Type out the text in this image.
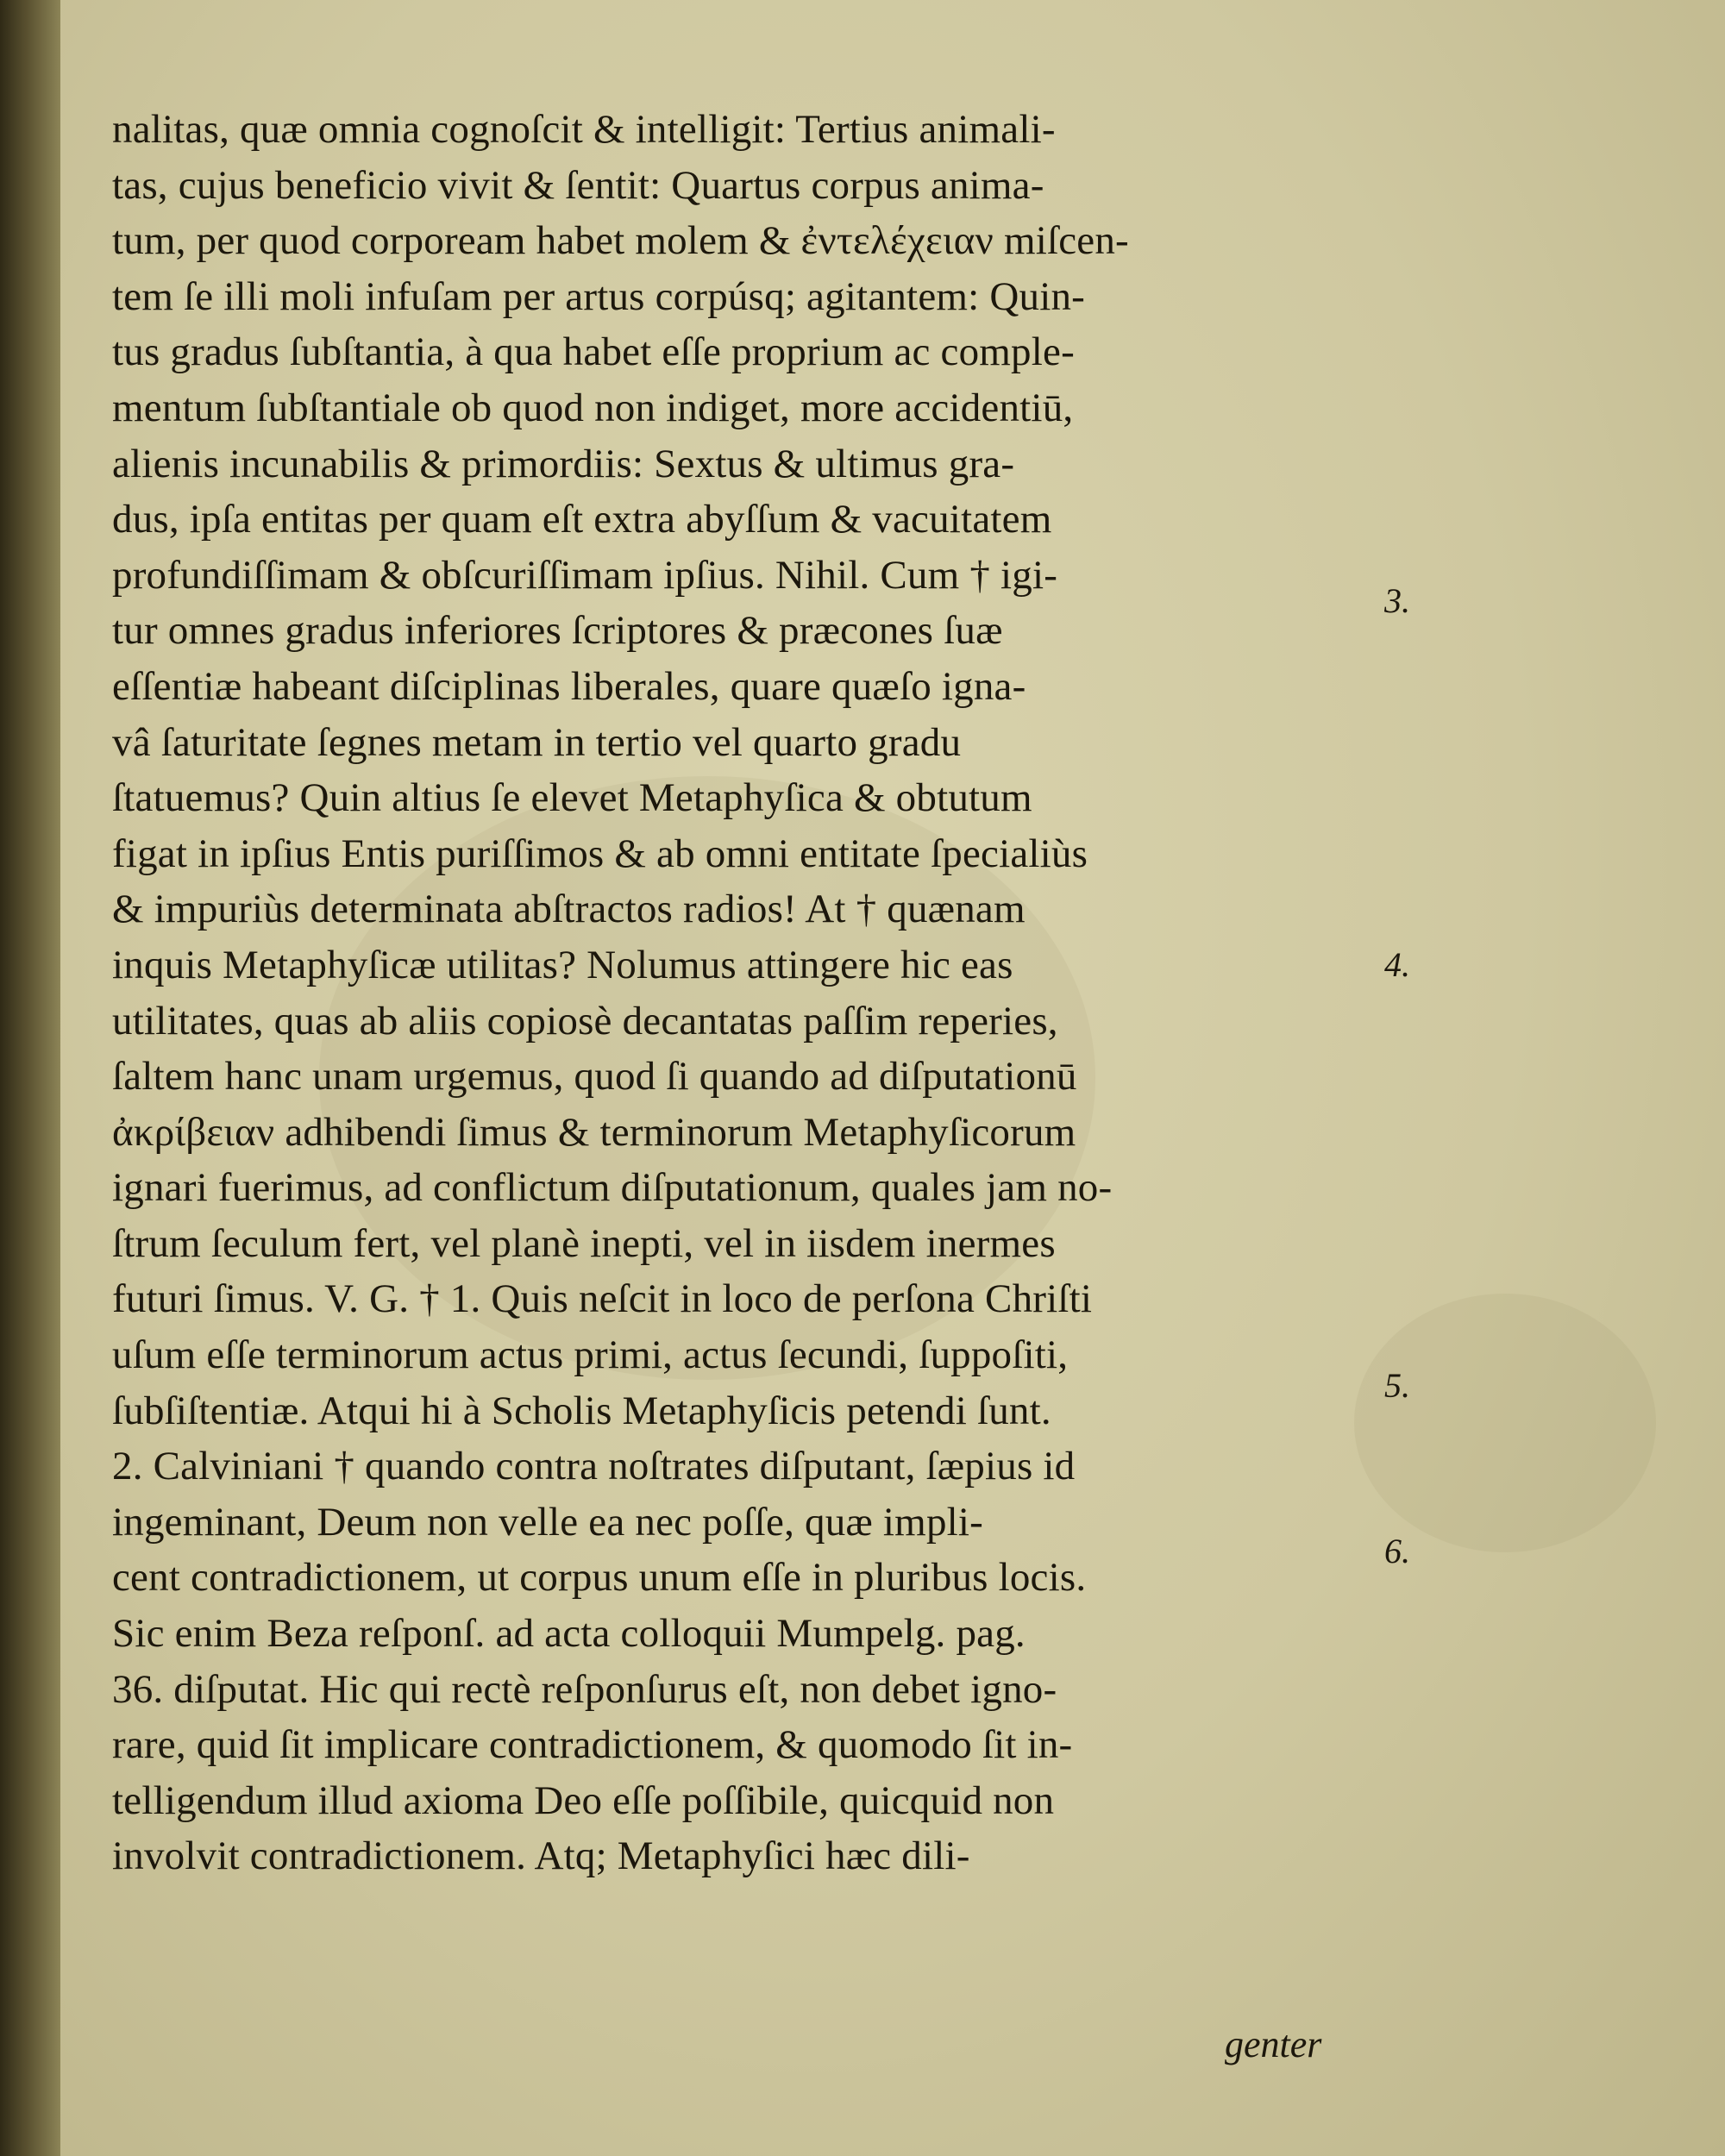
nalitas, quæ omnia cognoſcit & intelligit: Tertius animali-
tas, cujus beneficio vivit & ſentit: Quartus corpus anima-
tum, per quod corpoream habet molem & ἐντελέχειαν miſcen-
tem ſe illi moli infuſam per artus corpúsq; agitantem: Quin-
tus gradus ſubſtantia, à qua habet eſſe proprium ac comple-
mentum ſubſtantiale ob quod non indiget, more accidentiū,
alienis incunabilis & primordiis: Sextus & ultimus gra-
dus, ipſa entitas per quam eſt extra abyſſum & vacuitatem
profundiſſimam & obſcuriſſimam ipſius. Nihil. Cum † igi-
tur omnes gradus inferiores ſcriptores & præcones ſuæ
eſſentiæ habeant diſciplinas liberales, quare quæſo igna-
vâ ſaturitate ſegnes metam in tertio vel quarto gradu
ſtatuemus? Quin altius ſe elevet Metaphyſica & obtutum
figat in ipſius Entis puriſſimos & ab omni entitate ſpecialiùs
& impuriùs determinata abſtractos radios! At † quænam
inquis Metaphyſicæ utilitas? Nolumus attingere hic eas
utilitates, quas ab aliis copiosè decantatas paſſim reperies,
ſaltem hanc unam urgemus, quod ſi quando ad diſputationū
ἀκρίβειαν adhibendi ſimus & terminorum Metaphyſicorum
ignari fuerimus, ad conflictum diſputationum, quales jam no-
ſtrum ſeculum fert, vel planè inepti, vel in iisdem inermes
futuri ſimus. V. G. † 1. Quis neſcit in loco de perſona Chriſti
uſum eſſe terminorum actus primi, actus ſecundi, ſuppoſiti,
ſubſiſtentiæ. Atqui hi à Scholis Metaphyſicis petendi ſunt.
2. Calviniani † quando contra noſtrates diſputant, ſæpius id
ingeminant, Deum non velle ea nec poſſe, quæ impli-
cent contradictionem, ut corpus unum eſſe in pluribus locis.
Sic enim Beza reſponſ. ad acta colloquii Mumpelg. pag.
36. diſputat. Hic qui rectè reſponſurus eſt, non debet igno-
rare, quid ſit implicare contradictionem, & quomodo ſit in-
telligendum illud axioma Deo eſſe poſſibile, quicquid non
involvit contradictionem. Atq; Metaphyſici hæc dili-
3.
4.
5.
6.
genter
